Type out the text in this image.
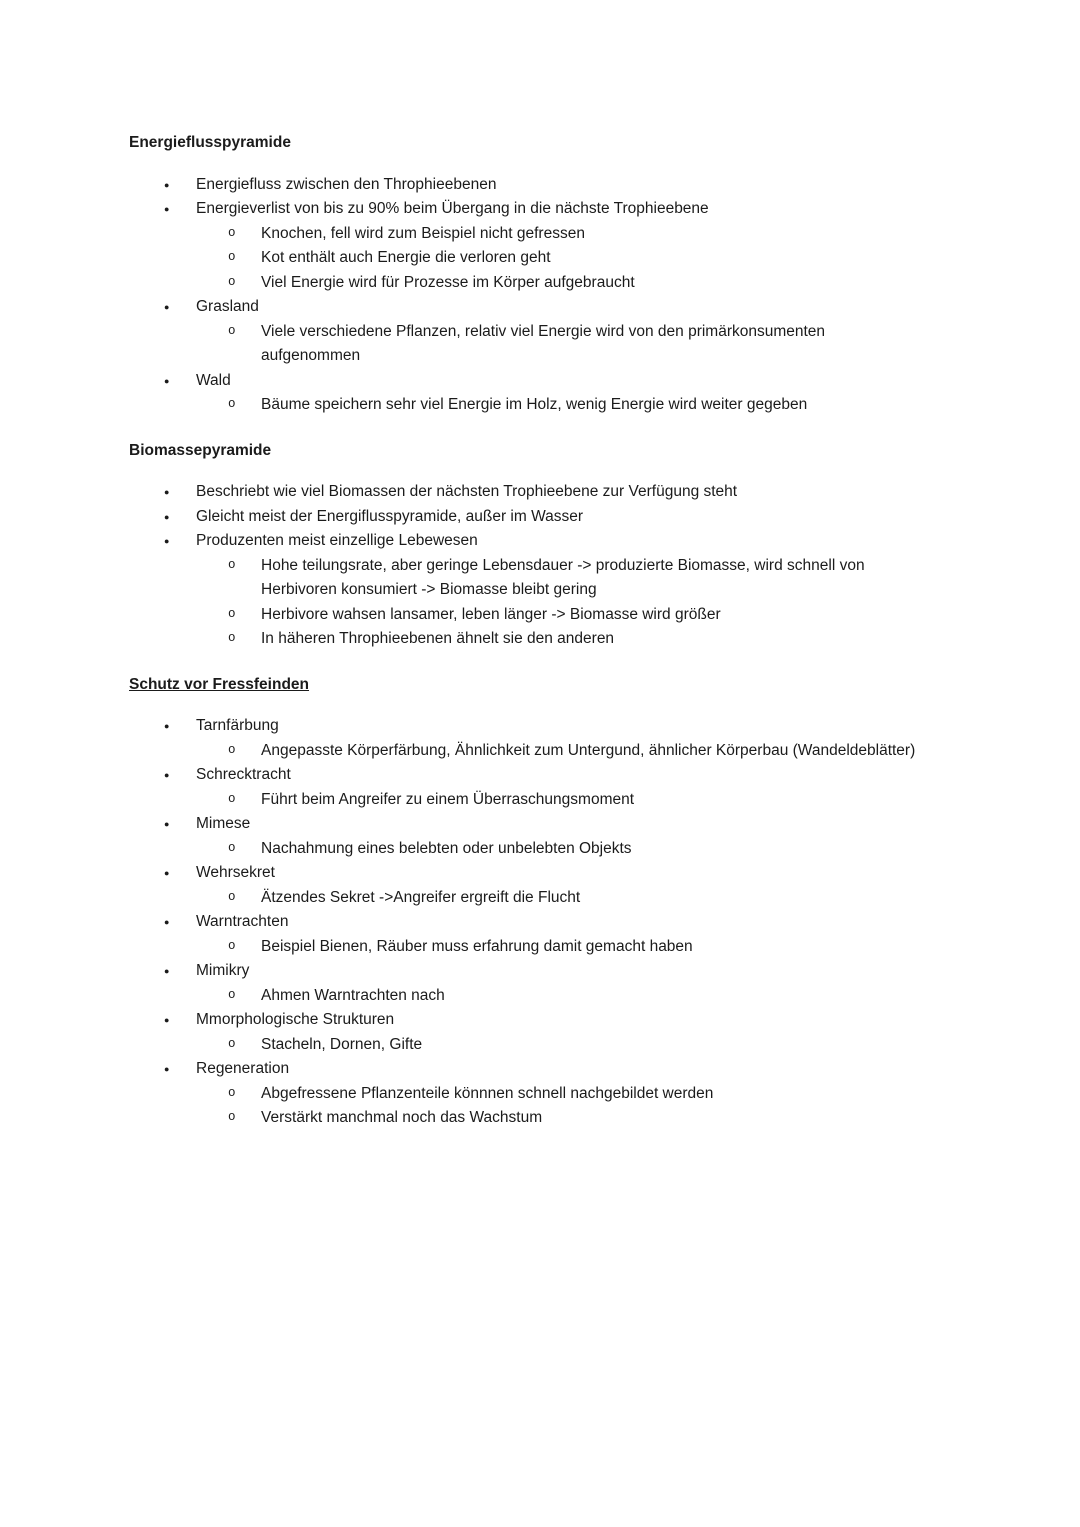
Energieflusspyramide
● Energiefluss zwischen den Throphieebenen
● Energieverlist von bis zu 90% beim Übergang in die nächste Trophieebene
o Knochen, fell wird zum Beispiel nicht gefressen
o Kot enthält auch Energie die verloren geht
o Viel Energie wird für Prozesse im Körper aufgebraucht
● Grasland
o Viele verschiedene Pflanzen, relativ viel Energie wird von den primärkonsumenten aufgenommen
● Wald
o Bäume speichern sehr viel Energie im Holz, wenig Energie wird weiter gegeben
Biomassepyramide
● Beschriebt wie viel Biomassen der nächsten Trophieebene zur Verfügung steht
● Gleicht meist der Energiflusspyramide, außer im Wasser
● Produzenten meist einzellige Lebewesen
o Hohe teilungsrate, aber geringe Lebensdauer -> produzierte Biomasse, wird schnell von Herbivoren konsumiert -> Biomasse bleibt gering
o Herbivore wahsen lansamer, leben länger -> Biomasse wird größer
o In häheren Throphieebenen ähnelt sie den anderen
Schutz vor Fressfeinden
● Tarnfärbung
o Angepasste Körperfärbung, Ähnlichkeit zum Untergund, ähnlicher Körperbau (Wandeldeblätter)
● Schrecktracht
o Führt beim Angreifer zu einem Überraschungsmoment
● Mimese
o Nachahmung eines belebten oder unbelebten Objekts
● Wehrsekret
o Ätzendes Sekret ->Angreifer ergreift die Flucht
● Warntrachten
o Beispiel Bienen, Räuber muss erfahrung damit gemacht haben
● Mimikry
o Ahmen Warntrachten nach
● Mmorphologische Strukturen
o Stacheln, Dornen, Gifte
● Regeneration
o Abgefressene Pflanzenteile könnnen schnell nachgebildet werden
o Verstärkt manchmal noch das Wachstum
